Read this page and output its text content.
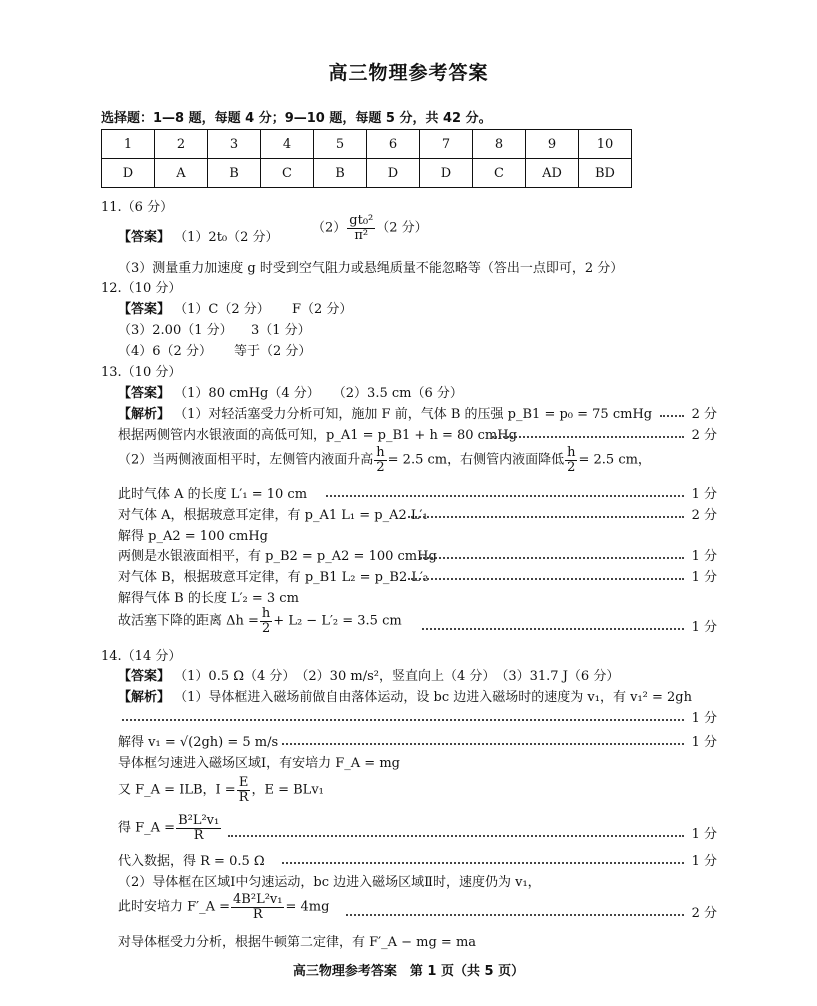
高三物理参考答案
选择题：1—8 题，每题 4 分；9—10 题，每题 5 分，共 42 分。
1	2	3	4	5	6	7	8	9	10
D	A	B	C	B	D	D	C	AD	BD
11.（6 分）
【答案】 （1）2t₀（2 分）
$(2) \frac{\text{gt₀²}}{\text{π²}} (2$ 分）
（3）测量重力加速度 g 时受到空气阻力或悬绳质量不能忽略等（答出一点即可，2 分）
12.（10 分）
【答案】 （1）C（2 分） F（2 分）
（3）2.00（1 分） 3（1 分）
（4）6（2 分） 等于（2 分）
13.（10 分）
【答案】 （1）80 cmHg（4 分）　　（2）3.5 cm（6 分）
【解析】 （1）对轻活塞受力分析可知，施加 F 前，气体 B 的压强 p_B1 = p₀ = 75 cmHg	2 分
根据两侧管内水银液面的高低可知，p_A1 = p_B1 + h = 80 cmHg	2 分
（2）当两侧液面相平时，左侧管内液面升高 $\frac{h}{2} = 2.5$ cm，右侧管内液面降低 $\frac{h}{2} = 2.5$ cm，
此时气体 A 的长度 L′₁ = 10 cm	1 分
对气体 A，根据玻意耳定律，有 p_A1 L₁ = p_A2 L′₁	2 分
解得 p_A2 = 100 cmHg
两侧是水银液面相平，有 p_B2 = p_A2 = 100 cmHg	1 分
对气体 B，根据玻意耳定律，有 p_B1 L₂ = p_B2 L′₂	1 分
解得气体 B 的长度 L′₂ = 3 cm
故活塞下降的距离 $\Delta h = \frac{h}{2} + L_2 - L'_2 = 3.5$ cm	1 分
14.（14 分）
【答案】 （1）0.5 Ω（4 分）　（2）30 m/s²，竖直向上（4 分）　（3）31.7 J（6 分）
【解析】 （1）导体框进入磁场前做自由落体运动，设 bc 边进入磁场时的速度为 v₁，有 v₁² = 2gh
1 分
解得 v₁ = √(2gh) = 5 m/s	1 分
导体框匀速进入磁场区域Ⅰ，有安培力 F_A = mg
又 F_A = ILB，$I = \frac{E}{R}$ ，E = BLv₁
得 F_A = $\frac{\text{B²L²v₁}}{R}$	1 分
代入数据，得 R = 0.5 Ω	1 分
（2）导体框在区域Ⅰ中匀速运动，bc 边进入磁场区域Ⅱ时，速度仍为 v₁，
此时安培力 F′_A = $\frac{\text{4B²L²v₁}}{R} = 4mg$	2 分
对导体框受力分析，根据牛顿第二定律，有 F′_A − mg = ma
高三物理参考答案　第 1 页（共 5 页）
